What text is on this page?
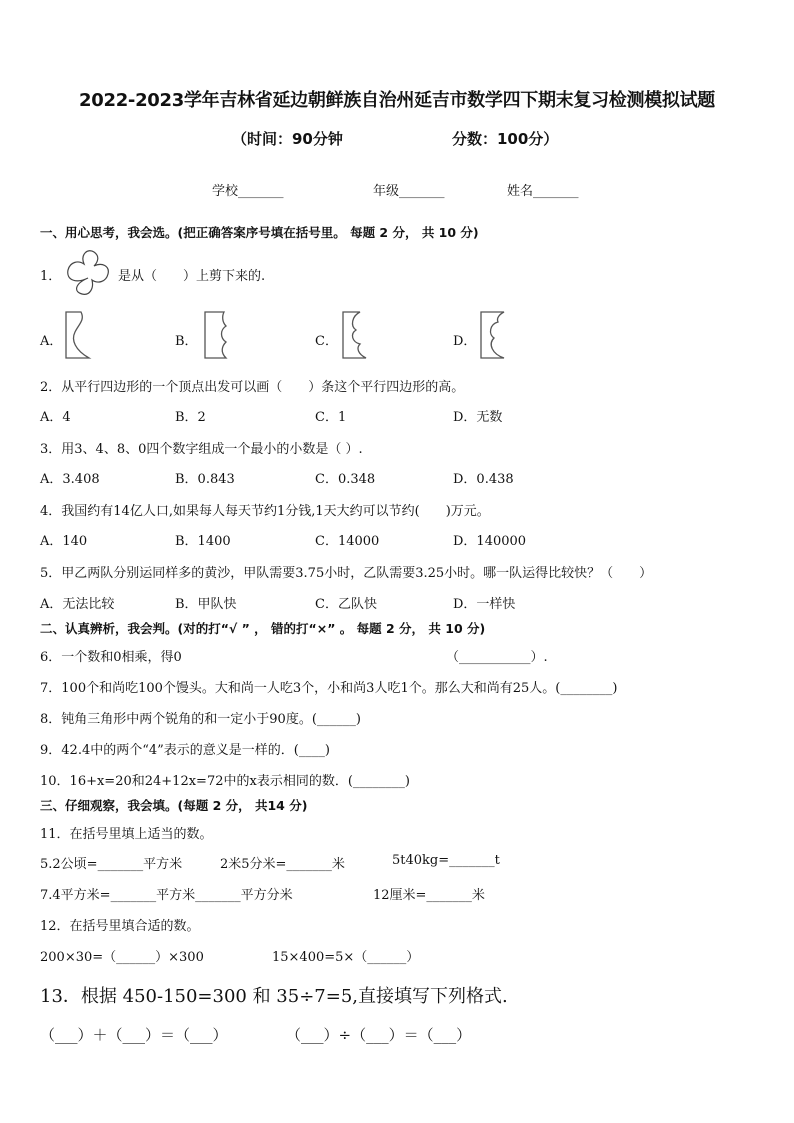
2022-2023学年吉林省延边朝鲜族自治州延吉市数学四下期末复习检测模拟试题
（时间：90分钟	分数：100分）
学校_______	年级_______	姓名_______
一、用心思考，我会选。(把正确答案序号填在括号里。 每题 2 分， 共 10 分)
1．	是从（　　）上剪下来的.
A．	B．	C．	D．
2．从平行四边形的一个顶点出发可以画（　　）条这个平行四边形的高。
A．4	B．2	C．1	D．无数
3．用3、4、8、0四个数字组成一个最小的小数是（ ）.
A．3.408	B．0.843	C．0.348	D．0.438
4．我国约有14亿人口,如果每人每天节约1分钱,1天大约可以节约(　　)万元。
A．140	B．1400	C．14000	D．140000
5．甲乙两队分别运同样多的黄沙，甲队需要3.75小时，乙队需要3.25小时。哪一队运得比较快？（　　）
A．无法比较	B．甲队快	C．乙队快	D．一样快
二、认真辨析，我会判。(对的打“√ ” ， 错的打“×” 。 每题 2 分， 共 10 分)
6．一个数和0相乘，得0	（___________）.
7．100个和尚吃100个馒头。大和尚一人吃3个，小和尚3人吃1个。那么大和尚有25人。(________)
8．钝角三角形中两个锐角的和一定小于90度。(______)
9．42.4中的两个“4”表示的意义是一样的．(____)
10．16+x=20和24+12x=72中的x表示相同的数．(________)
三、仔细观察，我会填。(每题 2 分， 共14 分)
11．在括号里填上适当的数。
5.2公顷=_______平方米	2米5分米=_______米	5t40kg=_______t
7.4平方米=_______平方米_______平方分米	12厘米=_______米
12．在括号里填合适的数。
200×30=（______）×300	15×400=5×（______）
13．根据 450-150=300 和 35÷7=5,直接填写下列格式.
（___）＋（___）＝（___）	（___）÷（___）＝（___）
